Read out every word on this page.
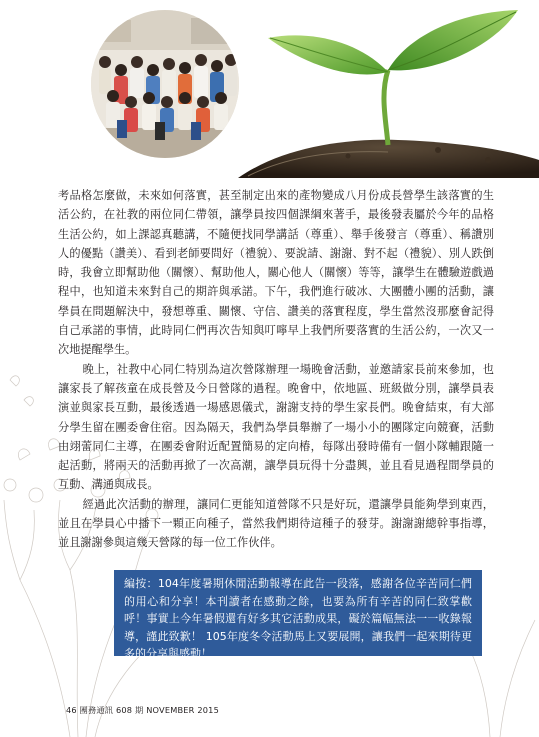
考品格怎麼做，未來如何落實，甚至制定出來的產物變成八月份成長營學生該落實的生活公約，在社教的兩位同仁帶領，讓學員按四個課綱來著手，最後發表屬於今年的品格生活公約，如上課認真聽講，不隨便找同學講話（尊重）、舉手後發言（尊重）、稱讚別人的優點（讚美）、看到老師要問好（禮貌）、要說請、謝謝、對不起（禮貌）、別人跌倒時，我會立即幫助他（關懷）、幫助他人，關心他人（關懷）等等，讓學生在體驗遊戲過程中，也知道未來對自己的期許與承諾。下午，我們進行破冰、大團體小團的活動，讓學員在問題解決中，發想尊重、關懷、守信、讚美的落實程度，學生當然沒那麼會記得自己承諾的事情，此時同仁們再次告知與叮嚀早上我們所要落實的生活公約，一次又一次地提醒學生。

晚上，社教中心同仁特別為這次營隊辦理一場晚會活動，並邀請家長前來參加，也讓家長了解孩童在成長營及今日營隊的過程。晚會中，依地區、班級做分別，讓學員表演並與家長互動，最後透過一場感恩儀式，謝謝支持的學生家長們。晚會結束，有大部分學生留在團委會住宿。因為隔天，我們為學員舉辦了一場小小的團隊定向競賽，活動由翊蕾同仁主導，在團委會附近配置簡易的定向椿，每隊出發時備有一個小隊輔跟隨一起活動，將兩天的活動再掀了一次高潮，讓學員玩得十分盡興，並且看見過程間學員的互動、溝通與成長。

經過此次活動的辦理，讓同仁更能知道營隊不只是好玩，還讓學員能夠學到東西，並且在學員心中播下一顆正向種子，當然我們期待這種子的發芽。謝謝謝總幹事指導，並且謝謝參與這幾天營隊的每一位工作伙伴。

編按：104年度暑期休閒活動報導在此告一段落，感謝各位辛苦同仁們的用心和分享！本刊讀者在感動之餘，也要為所有辛苦的同仁致掌歡呼！事實上今年暑假還有好多其它活動成果，礙於篇幅無法一一收錄報導，謹此致歉！ 105年度冬令活動馬上又要展開，讓我們一起來期待更多的分享與感動！

46 團務通訊 608 期 NOVEMBER 2015
